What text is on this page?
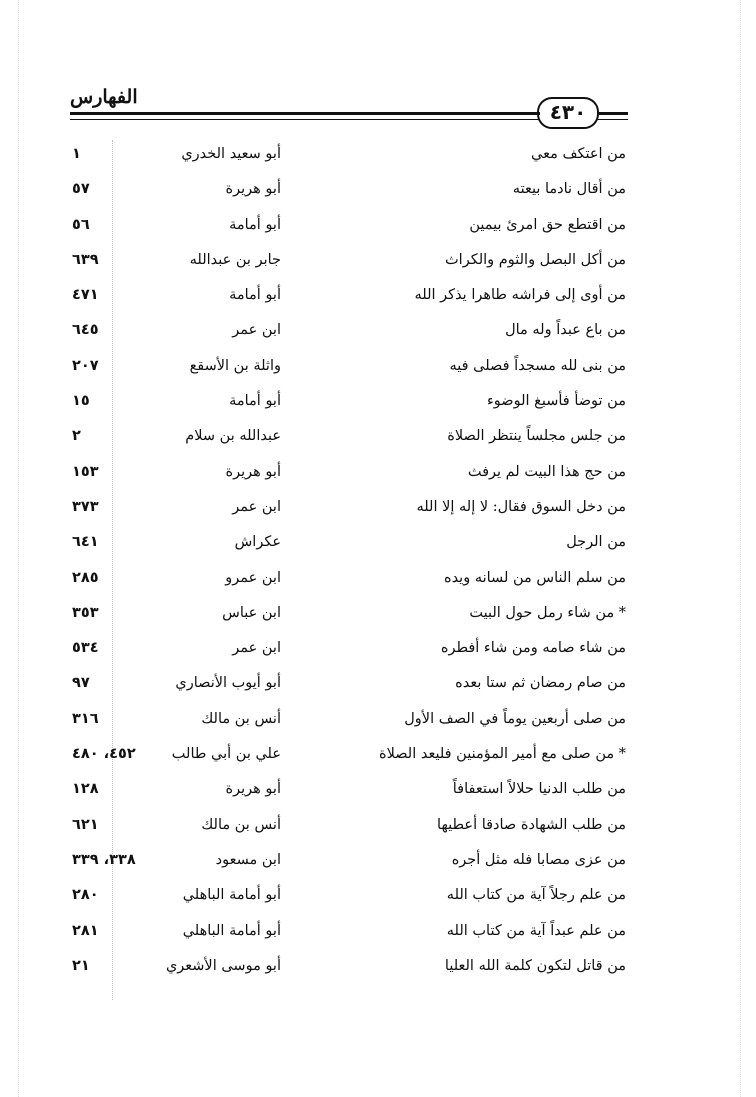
الفهارس
٤٣٠
من اعتكف معي
أبو سعيد الخدري
١
من أقال نادما بيعته
أبو هريرة
٥٧
من اقتطع حق امرئ بيمين
أبو أمامة
٥٦
من أكل البصل والثوم والكراث
جابر بن عبدالله
٦٣٩
من أوى إلى فراشه طاهرا يذكر الله
أبو أمامة
٤٧١
من باع عبداً وله مال
ابن عمر
٦٤٥
من بنى لله مسجداً فصلى فيه
واثلة بن الأسقع
٢٠٧
من توضأ فأسبغ الوضوء
أبو أمامة
١٥
من جلس مجلساً ينتظر الصلاة
عبدالله بن سلام
٢
من حج هذا البيت لم يرفث
أبو هريرة
١٥٣
من دخل السوق فقال: لا إله إلا الله
ابن عمر
٣٧٣
من الرجل
عكراش
٦٤١
من سلم الناس من لسانه ويده
ابن عمرو
٢٨٥
* من شاء رمل حول البيت
ابن عباس
٣٥٣
من شاء صامه ومن شاء أفطره
ابن عمر
٥٣٤
من صام رمضان ثم ستا بعده
أبو أيوب الأنصاري
٩٧
من صلى أربعين يوماً في الصف الأول
أنس بن مالك
٣١٦
* من صلى مع أمير المؤمنين فليعد الصلاة
علي بن أبي طالب
٤٥٢، ٤٨٠
من طلب الدنيا حلالاً استعفافاً
أبو هريرة
١٢٨
من طلب الشهادة صادقا أعطيها
أنس بن مالك
٦٢١
من عزى مصابا فله مثل أجره
ابن مسعود
٣٣٨، ٣٣٩
من علم رجلاً آية من كتاب الله
أبو أمامة الباهلي
٢٨٠
من علم عبداً آية من كتاب الله
أبو أمامة الباهلي
٢٨١
من قاتل لتكون كلمة الله العليا
أبو موسى الأشعري
٢١
